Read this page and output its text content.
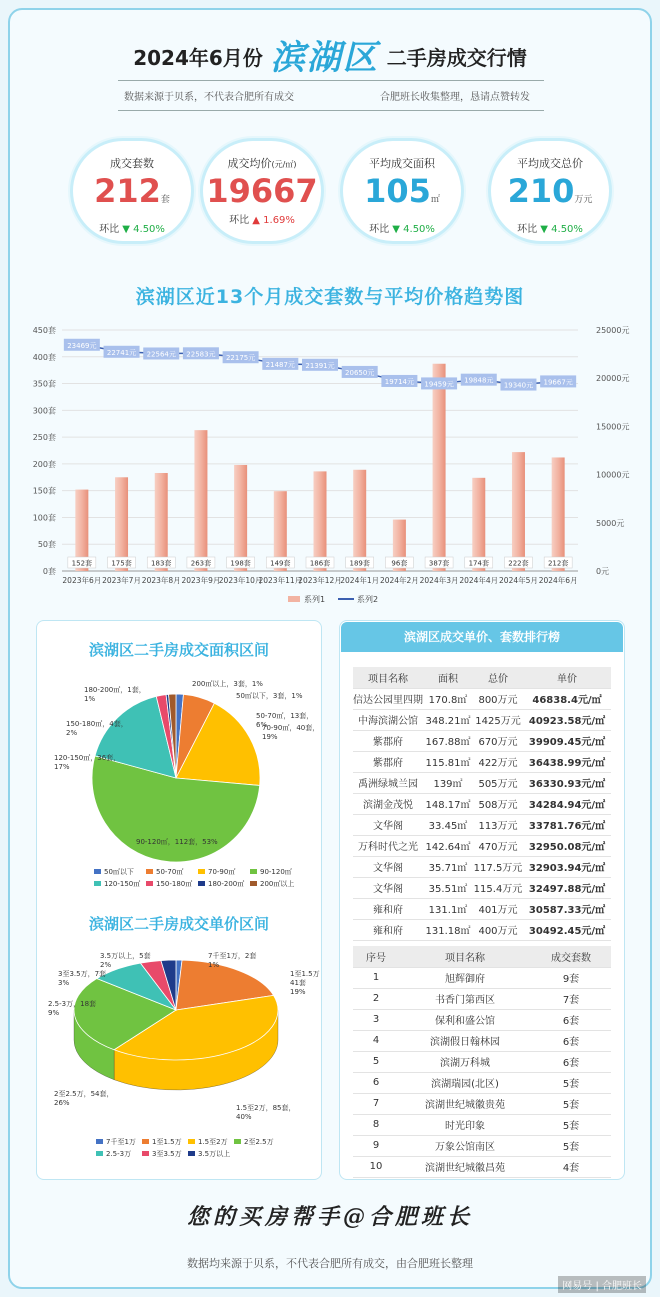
2024年6月份 滨湖区 二手房成交行情
数据来源于贝系，不代表合肥所有成交	合肥班长收集整理，恳请点赞转发
成交套数
212套
环比 ▼ 4.50%
成交均价(元/㎡)
19667
环比 ▲ 1.69%
平均成交面积
105㎡
环比 ▼ 4.50%
平均成交总价
210万元
环比 ▼ 4.50%
滨湖区近13个月成交套数与平均价格趋势图
0套
50套
100套
150套
200套
250套
300套
350套
400套
450套
0元
5000元
10000元
15000元
20000元
25000元
152套
2023年6月
175套
2023年7月
183套
2023年8月
263套
2023年9月
198套
2023年10月
149套
2023年11月
186套
2023年12月
189套
2024年1月
96套
2024年2月
387套
2024年3月
174套
2024年4月
222套
2024年5月
212套
2024年6月
23469元
22741元 22564元 22583元 22175元
21487元 21391元
20650元
19714元 19459元 19848元
19340元 19667元
系列1	系列2
滨湖区二手房成交面积区间
滨湖区二手房成交单价区间
50㎡以下，3套，1%
50-70㎡，13套， 6%
70-90㎡，40套， 19%
90-120㎡，112套，53%
120-150㎡，36套， 17%
150-180㎡，4套， 2%
180-200㎡，1套， 1%
200㎡以上，3套，1%
50㎡以下	50-70㎡	70-90㎡	90-120㎡
120-150㎡ 150-180㎡ 180-200㎡ 200㎡以上
7千至1万，2套 1%
1至1.5万 41套 19%
1.5至2万，85套， 40%
2至2.5万，54套， 26%
2.5-3万，18套 9%
3至3.5万，7套 3%
3.5万以上，5套 2%
7千至1万 1至1.5万 1.5至2万 2至2.5万
2.5-3万	3至3.5万 3.5万以上
滨湖区成交单价、套数排行榜
项目名称	面积	总价	单价
信达公园里四期	170.8㎡	800万元	46838.4元/㎡
中海滨湖公馆	348.21㎡	1425万元	40923.58元/㎡
紫郡府	167.88㎡	670万元	39909.45元/㎡
紫郡府	115.81㎡	422万元	36438.99元/㎡
禹洲绿城兰园	139㎡	505万元	36330.93元/㎡
滨湖金茂悦	148.17㎡	508万元	34284.94元/㎡
文华阁	33.45㎡	113万元	33781.76元/㎡
万科时代之光	142.64㎡	470万元	32950.08元/㎡
文华阁	35.71㎡	117.5万元	32903.94元/㎡
文华阁	35.51㎡	115.4万元	32497.88元/㎡
雍和府	131.1㎡	401万元	30587.33元/㎡
雍和府	131.18㎡	400万元	30492.45元/㎡
序号	项目名称	成交套数
1	旭辉御府	9套
2	书香门第西区	7套
3	保利和盛公馆	6套
4	滨湖假日翰林园	6套
5	滨湖万科城	6套
6	滨湖瑞园(北区)	5套
7	滨湖世纪城徽贵苑	5套
8	时光印象	5套
9	万象公馆南区	5套
10	滨湖世纪城徽昌苑	4套
您的买房帮手@合肥班长
数据均来源于贝系，不代表合肥所有成交，由合肥班长整理
网易号 | 合肥班长
